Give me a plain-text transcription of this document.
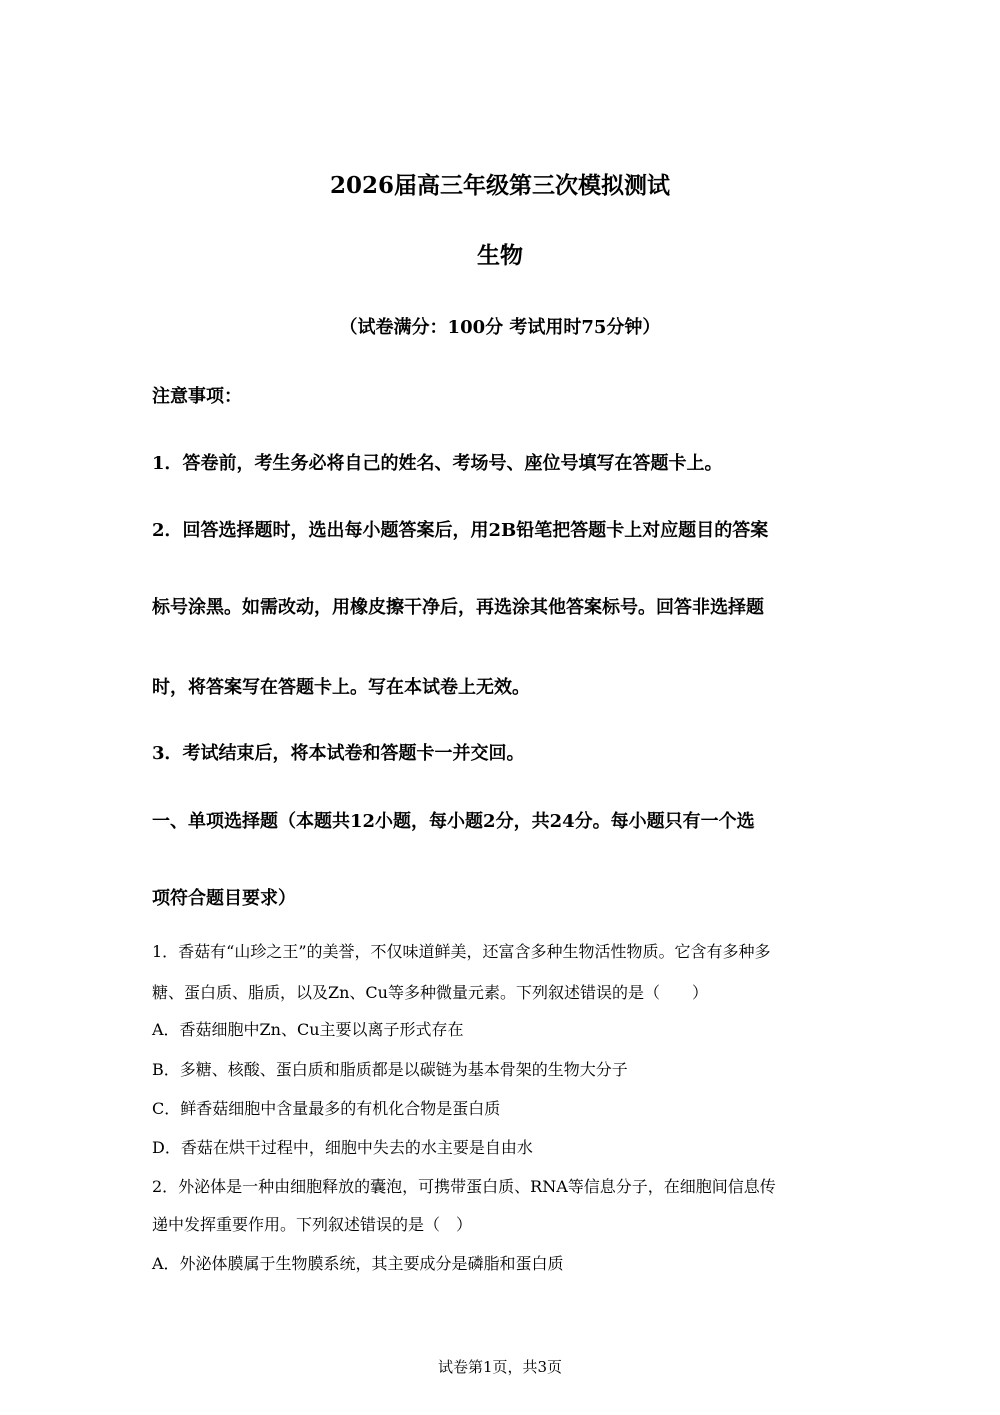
2026届高三年级第三次模拟测试
生物
（试卷满分：100分 考试用时75分钟）
注意事项：
1．答卷前，考生务必将自己的姓名、考场号、座位号填写在答题卡上。
2．回答选择题时，选出每小题答案后，用2B铅笔把答题卡上对应题目的答案
标号涂黑。如需改动，用橡皮擦干净后，再选涂其他答案标号。回答非选择题
时，将答案写在答题卡上。写在本试卷上无效。
3．考试结束后，将本试卷和答题卡一并交回。
一、单项选择题（本题共12小题，每小题2分，共24分。每小题只有一个选
项符合题目要求）
1．香菇有“山珍之王”的美誉，不仅味道鲜美，还富含多种生物活性物质。它含有多种多
糖、蛋白质、脂质，以及Zn、Cu等多种微量元素。下列叙述错误的是（　　）
A．香菇细胞中Zn、Cu主要以离子形式存在
B．多糖、核酸、蛋白质和脂质都是以碳链为基本骨架的生物大分子
C．鲜香菇细胞中含量最多的有机化合物是蛋白质
D．香菇在烘干过程中，细胞中失去的水主要是自由水
2．外泌体是一种由细胞释放的囊泡，可携带蛋白质、RNA等信息分子，在细胞间信息传
递中发挥重要作用。下列叙述错误的是（　）
A．外泌体膜属于生物膜系统，其主要成分是磷脂和蛋白质
试卷第1页，共3页
